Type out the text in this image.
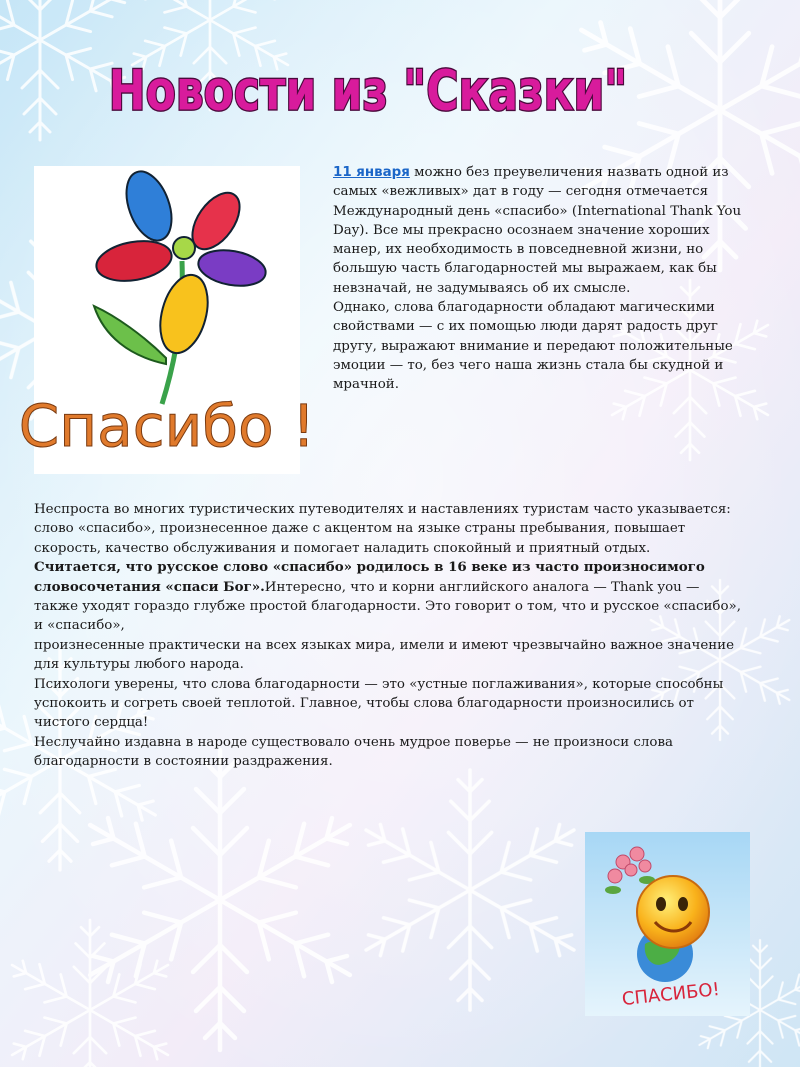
Новости из "Сказки"
Спасибо !

11 января можно без преувеличения назвать одной из самых «вежливых» дат в году — сегодня отмечается Международный день «спасибо» (International Thank You Day). Все мы прекрасно осознаем значение хороших манер, их необходимость в повседневной жизни, но большую часть благодарностей мы выражаем, как бы невзначай, не задумываясь об их смысле.

Однако, слова благодарности обладают магическими свойствами — с их помощью люди дарят радость друг другу, выражают внимание и передают положительные эмоции — то, без чего наша жизнь стала бы скудной и мрачной.

Неспроста во многих туристических путеводителях и наставлениях туристам часто указывается: слово «спасибо», произнесенное даже с акцентом на языке страны пребывания, повышает скорость, качество обслуживания и помогает наладить спокойный и приятный отдых.

Считается, что русское слово «спасибо» родилось в 16 веке из часто произносимого словосочетания «спаси Бог».Интересно, что и корни английского аналога — Thank you — также уходят гораздо глубже простой благодарности. Это говорит о том, что и русское «спасибо», и «спасибо»,

произнесенные практически на всех языках мира, имели и имеют чрезвычайно важное значение для культуры любого народа.

Психологи уверены, что слова благодарности — это «устные поглаживания», которые способны успокоить и согреть своей теплотой. Главное, чтобы слова благодарности произносились от чистого сердца!

Неслучайно издавна в народе существовало очень мудрое поверье — не произноси слова благодарности в состоянии раздражения.

СПАСИБО!
